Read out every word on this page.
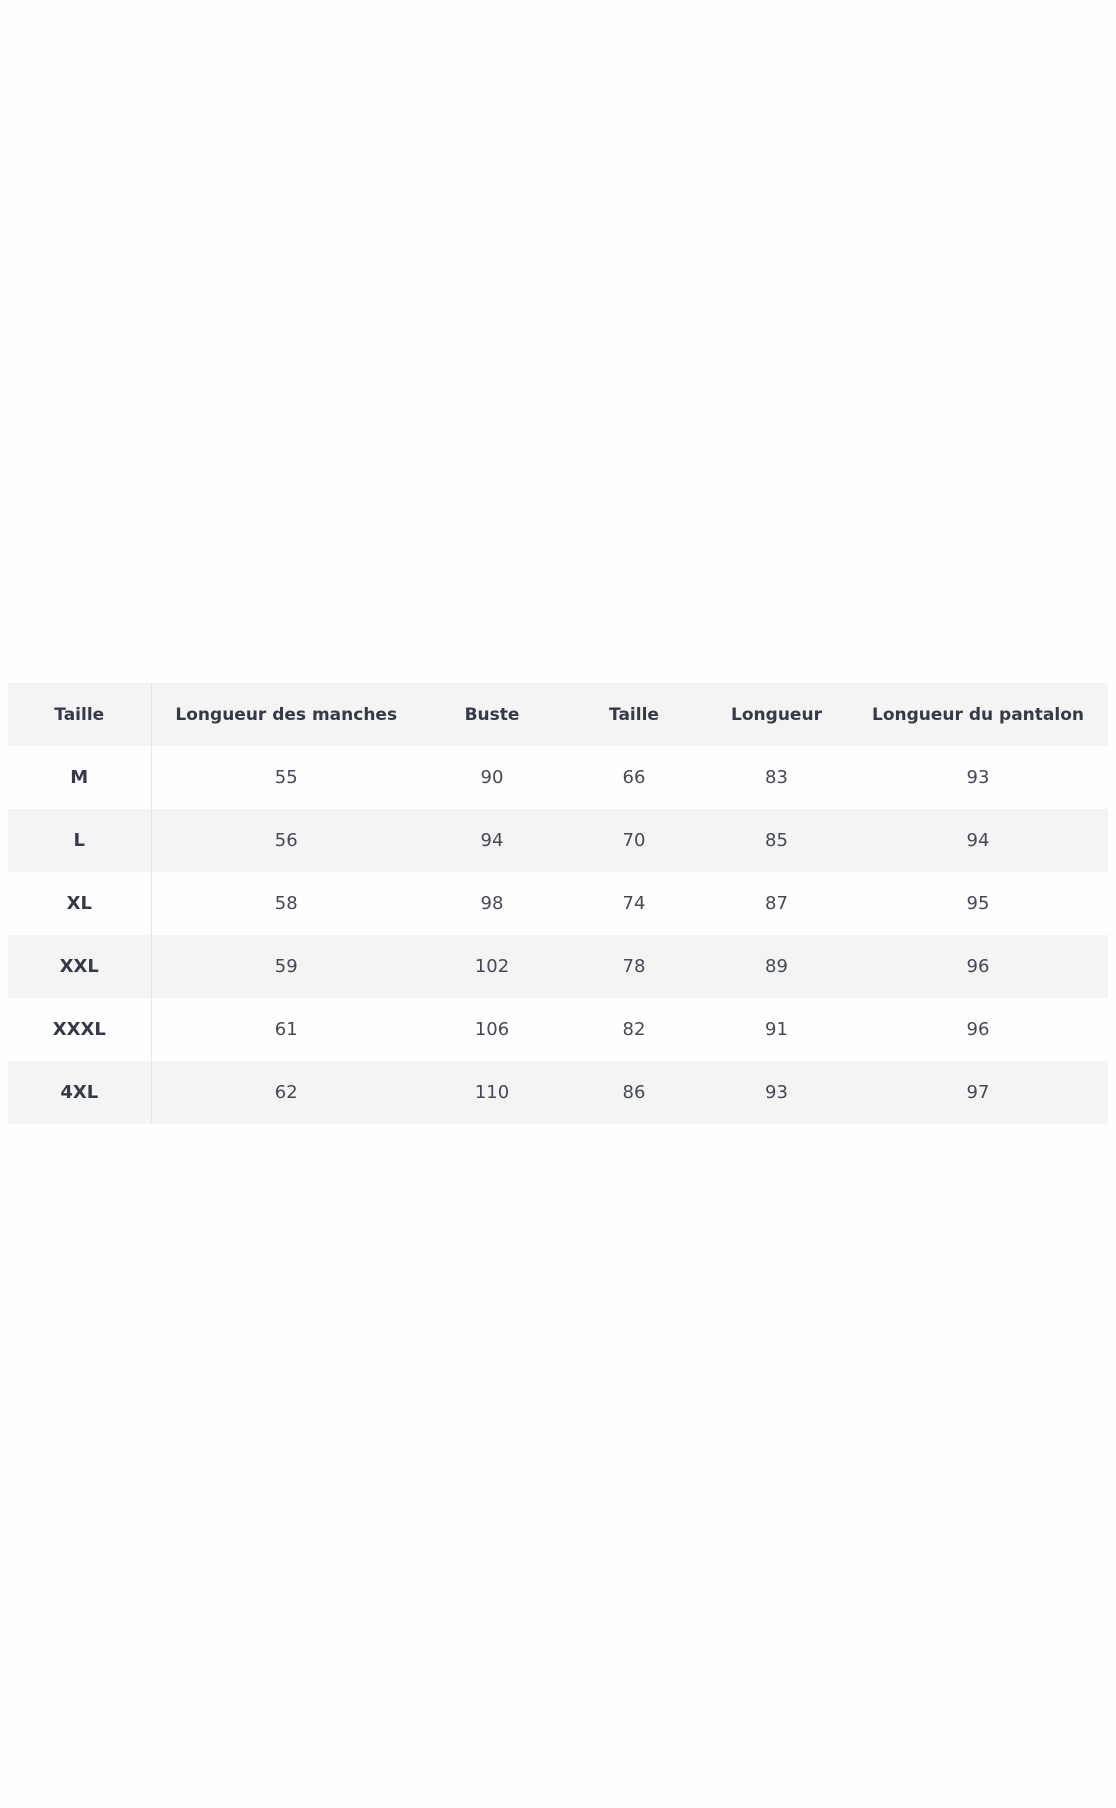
Taille	Longueur des manches	Buste	Taille	Longueur	Longueur du pantalon
M	55	90	66	83	93
L	56	94	70	85	94
XL	58	98	74	87	95
XXL	59	102	78	89	96
XXXL	61	106	82	91	96
4XL	62	110	86	93	97
